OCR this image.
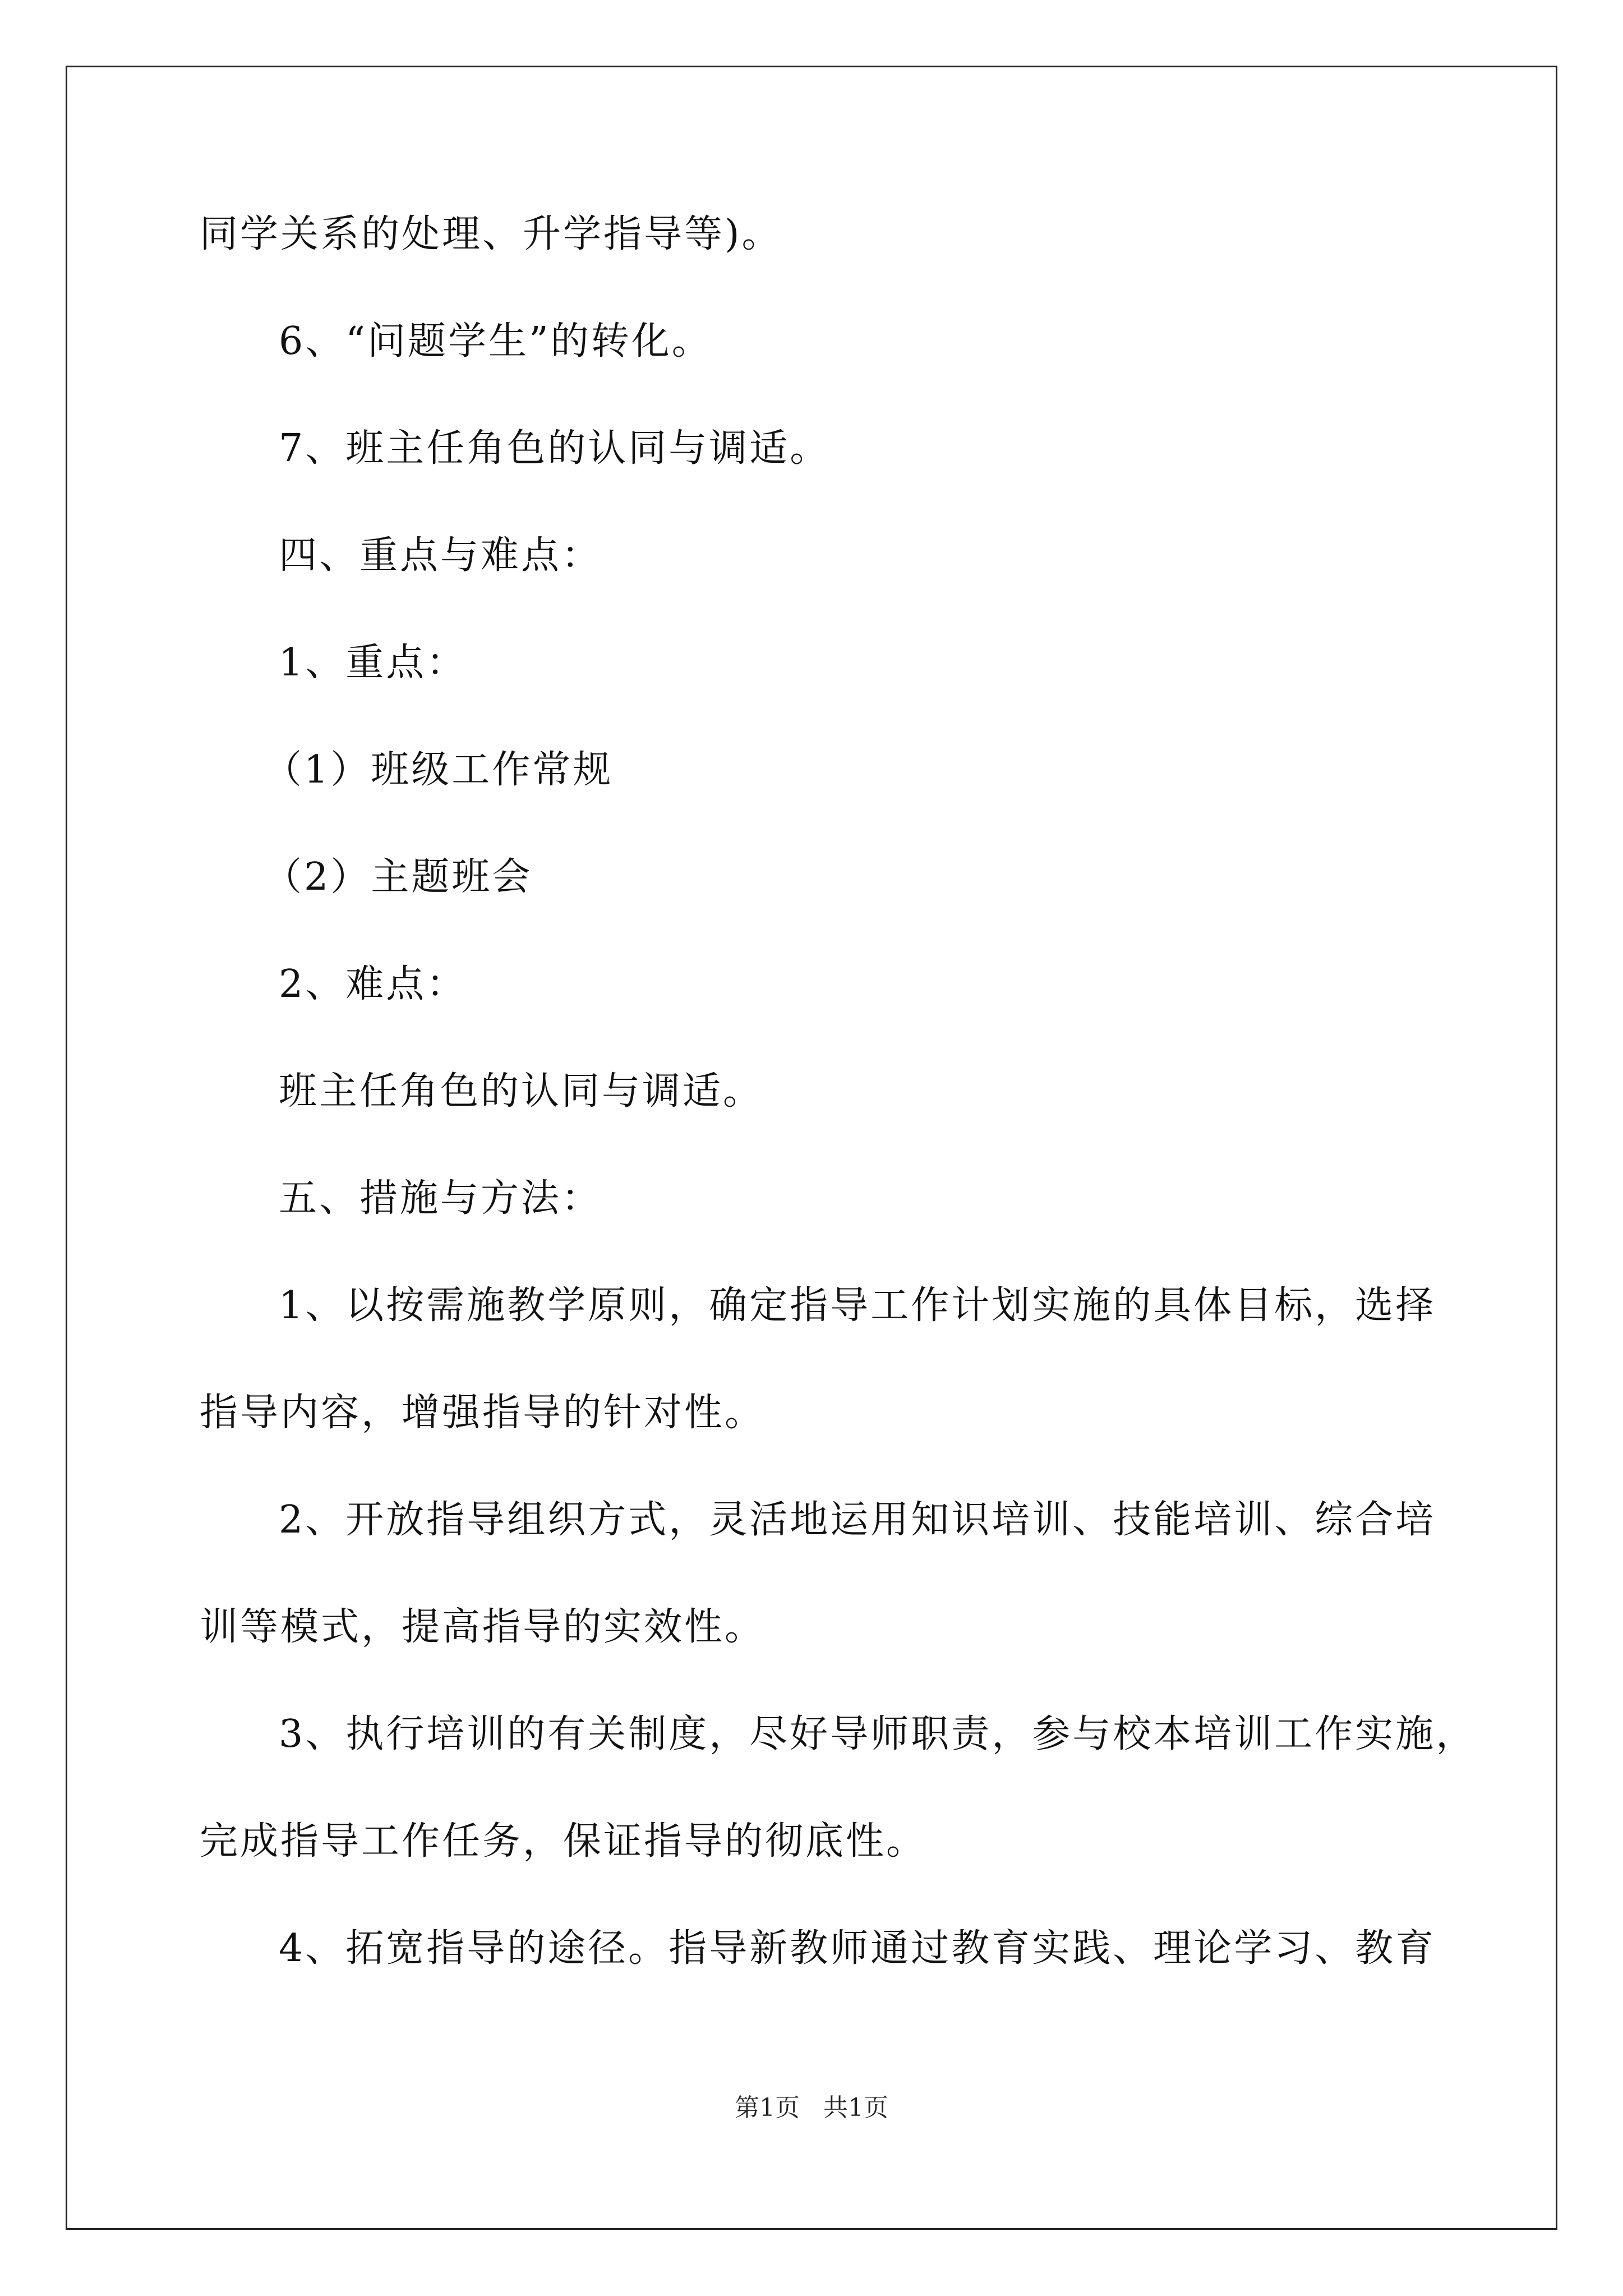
同学关系的处理、升学指导等)。
6、“问题学生”的转化。
7、班主任角色的认同与调适。
四、重点与难点：
1、重点：
（1）班级工作常规
（2）主题班会
2、难点：
班主任角色的认同与调适。
五、措施与方法：
1、以按需施教学原则，确定指导工作计划实施的具体目标，选择
指导内容，增强指导的针对性。
2、开放指导组织方式，灵活地运用知识培训、技能培训、综合培
训等模式，提高指导的实效性。
3、执行培训的有关制度，尽好导师职责，参与校本培训工作实施，
完成指导工作任务，保证指导的彻底性。
4、拓宽指导的途径。指导新教师通过教育实践、理论学习、教育
第1页   共1页
